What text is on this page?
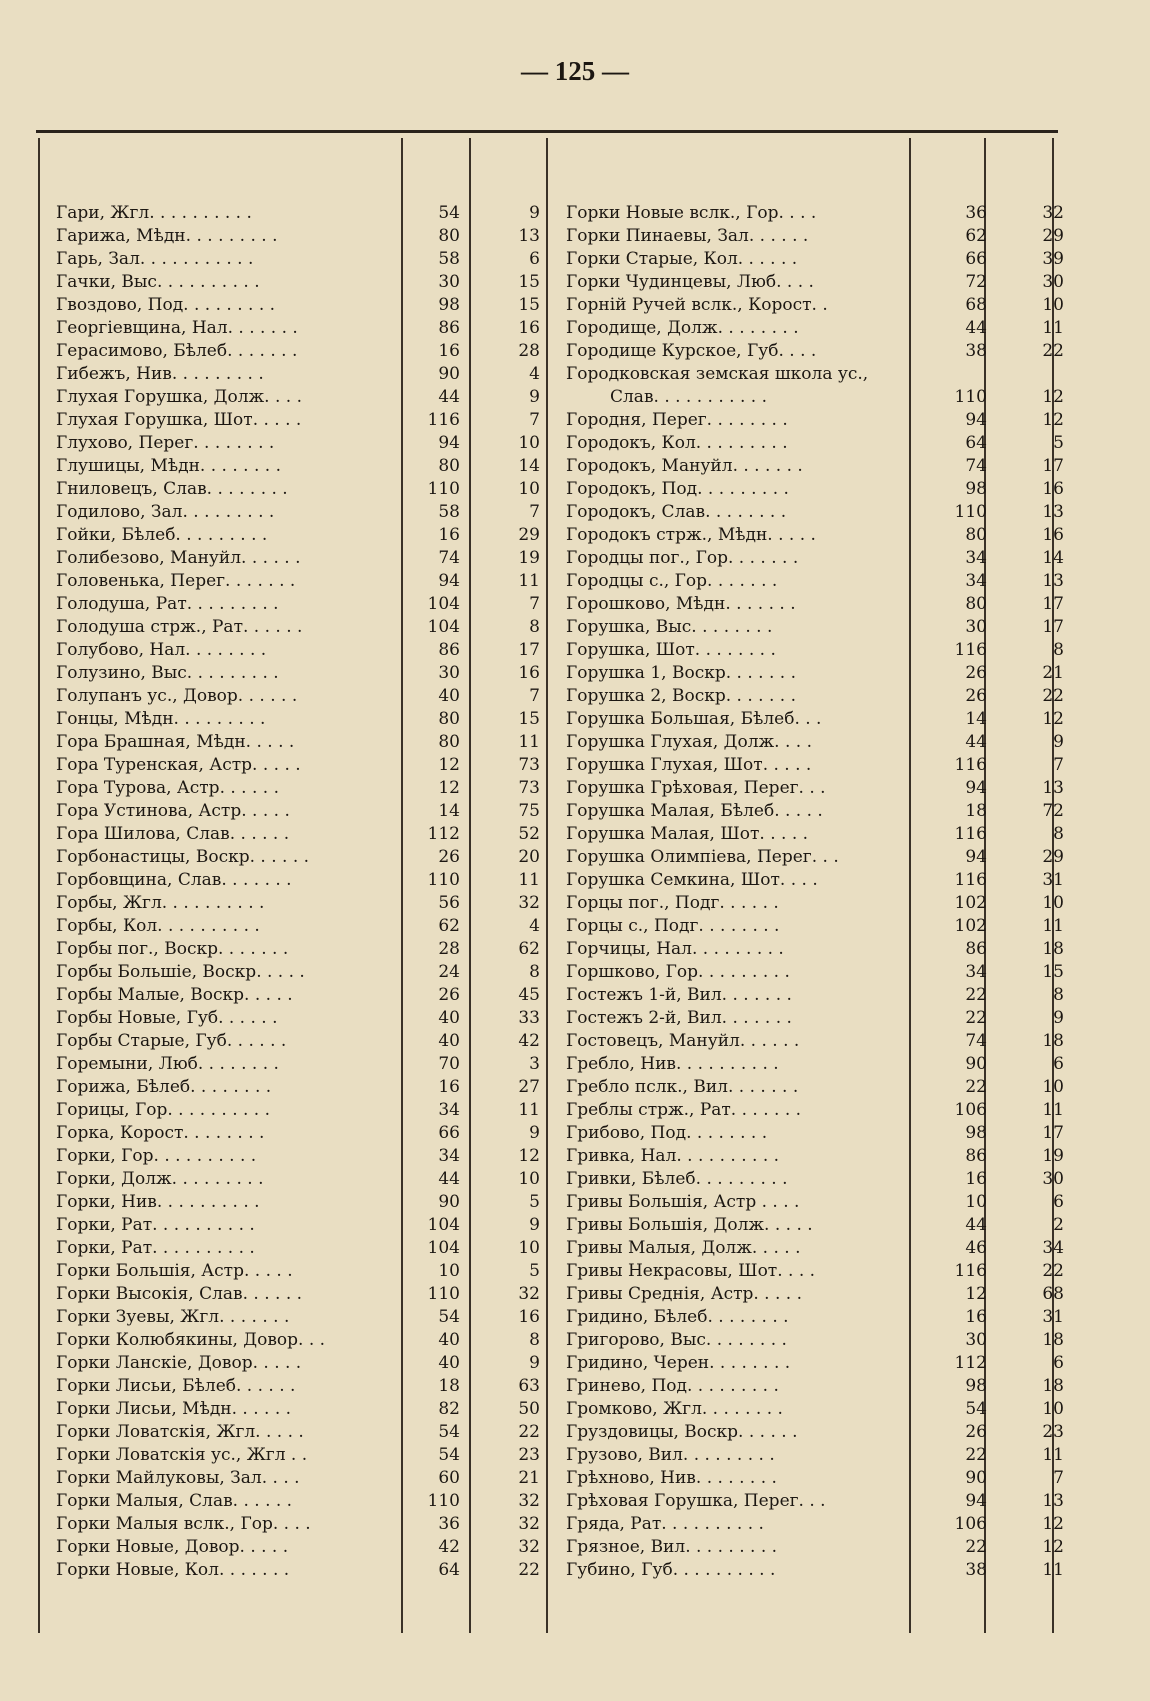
— 125 —
Гари, Жгл. . . . . . . . . .	54	9
Гарижа, Мѣдн. . . . . . . . .	80	13
Гарь, Зал. . . . . . . . . . .	58	6
Гачки, Выс. . . . . . . . . .	30	15
Гвоздово, Под. . . . . . . . .	98	15
Георгіевщина, Нал. . . . . . .	86	16
Герасимово, Бѣлеб. . . . . . .	16	28
Гибежъ, Нив. . . . . . . . .	90	4
Глухая Горушка, Долж. . . .	44	9
Глухая Горушка, Шот. . . . .	116	7
Глухово, Перег. . . . . . . .	94	10
Глушицы, Мѣдн. . . . . . . .	80	14
Гниловецъ, Слав. . . . . . . .	110	10
Годилово, Зал. . . . . . . . .	58	7
Гойки, Бѣлеб. . . . . . . . .	16	29
Голибезово, Мануйл. . . . . .	74	19
Головенька, Перег. . . . . . .	94	11
Голодуша, Рат. . . . . . . . .	104	7
Голодуша стрж., Рат. . . . . .	104	8
Голубово, Нал. . . . . . . .	86	17
Голузино, Выс. . . . . . . . .	30	16
Голупанъ ус., Довор. . . . . .	40	7
Гонцы, Мѣдн. . . . . . . . .	80	15
Гора Брашная, Мѣдн. . . . .	80	11
Гора Туренская, Астр. . . . .	12	73
Гора Турова, Астр. . . . . .	12	73
Гора Устинова, Астр. . . . .	14	75
Гора Шилова, Слав. . . . . .	112	52
Горбонастицы, Воскр. . . . . .	26	20
Горбовщина, Слав. . . . . . .	110	11
Горбы, Жгл. . . . . . . . . .	56	32
Горбы, Кол. . . . . . . . . .	62	4
Горбы пог., Воскр. . . . . . .	28	62
Горбы Большіе, Воскр. . . . .	24	8
Горбы Малые, Воскр. . . . .	26	45
Горбы Новые, Губ. . . . . .	40	33
Горбы Старые, Губ. . . . . .	40	42
Горемыни, Люб. . . . . . . .	70	3
Горижа, Бѣлеб. . . . . . . .	16	27
Горицы, Гор. . . . . . . . . .	34	11
Горка, Корост. . . . . . . .	66	9
Горки, Гор. . . . . . . . . .	34	12
Горки, Долж. . . . . . . . .	44	10
Горки, Нив. . . . . . . . . .	90	5
Горки, Рат. . . . . . . . . .	104	9
Горки, Рат. . . . . . . . . .	104	10
Горки Большія, Астр. . . . .	10	5
Горки Высокія, Слав. . . . . .	110	32
Горки Зуевы, Жгл. . . . . . .	54	16
Горки Колюбякины, Довор. . .	40	8
Горки Ланскіе, Довор. . . . .	40	9
Горки Лисьи, Бѣлеб. . . . . .	18	63
Горки Лисьи, Мѣдн. . . . . .	82	50
Горки Ловатскія, Жгл. . . . .	54	22
Горки Ловатскія ус., Жгл . .	54	23
Горки Майлуковы, Зал. . . .	60	21
Горки Малыя, Слав. . . . . .	110	32
Горки Малыя вслк., Гор. . . .	36	32
Горки Новые, Довор. . . . .	42	32
Горки Новые, Кол. . . . . . .	64	22
Горки Новые вслк., Гор. . . .	36	32
Горки Пинаевы, Зал. . . . . .	62	29
Горки Старые, Кол. . . . . .	66	39
Горки Чудинцевы, Люб. . . .	72	30
Горній Ручей вслк., Корост. .	68	10
Городище, Долж. . . . . . . .	44	11
Городище Курское, Губ. . . .	38	22
Городковская земская школа ус.,
Слав. . . . . . . . . . .	110	12
Городня, Перег. . . . . . . .	94	12
Городокъ, Кол. . . . . . . . .	64	5
Городокъ, Мануйл. . . . . . .	74	17
Городокъ, Под. . . . . . . . .	98	16
Городокъ, Слав. . . . . . . .	110	13
Городокъ стрж., Мѣдн. . . . .	80	16
Городцы пог., Гор. . . . . . .	34	14
Городцы с., Гор. . . . . . .	34	13
Горошково, Мѣдн. . . . . . .	80	17
Горушка, Выс. . . . . . . .	30	17
Горушка, Шот. . . . . . . .	116	8
Горушка 1, Воскр. . . . . . .	26	21
Горушка 2, Воскр. . . . . . .	26	22
Горушка Большая, Бѣлеб. . .	14	12
Горушка Глухая, Долж. . . .	44	9
Горушка Глухая, Шот. . . . .	116	7
Горушка Грѣховая, Перег. . .	94	13
Горушка Малая, Бѣлеб. . . . .	18	72
Горушка Малая, Шот. . . . .	116	8
Горушка Олимпіева, Перег. . .	94	29
Горушка Семкина, Шот. . . .	116	31
Горцы пог., Подг. . . . . .	102	10
Горцы с., Подг. . . . . . . .	102	11
Горчицы, Нал. . . . . . . . .	86	18
Горшково, Гор. . . . . . . . .	34	15
Гостежъ 1-й, Вил. . . . . . .	22	8
Гостежъ 2-й, Вил. . . . . . .	22	9
Гостовецъ, Мануйл. . . . . .	74	18
Гребло, Нив. . . . . . . . . .	90	6
Гребло пслк., Вил. . . . . . .	22	10
Греблы стрж., Рат. . . . . . .	106	11
Грибово, Под. . . . . . . .	98	17
Гривка, Нал. . . . . . . . . .	86	19
Гривки, Бѣлеб. . . . . . . . .	16	30
Гривы Большія, Астр . . . .	10	6
Гривы Большія, Долж. . . . .	44	2
Гривы Малыя, Долж. . . . .	46	34
Гривы Некрасовы, Шот. . . .	116	22
Гривы Среднія, Астр. . . . .	12	68
Гридино, Бѣлеб. . . . . . . .	16	31
Григорово, Выс. . . . . . . .	30	18
Гридино, Черен. . . . . . . .	112	6
Гринево, Под. . . . . . . . .	98	18
Громково, Жгл. . . . . . . .	54	10
Груздовицы, Воскр. . . . . .	26	23
Грузово, Вил. . . . . . . . .	22	11
Грѣхново, Нив. . . . . . . .	90	7
Грѣховая Горушка, Перег. . .	94	13
Гряда, Рат. . . . . . . . . .	106	12
Грязное, Вил. . . . . . . . .	22	12
Губино, Губ. . . . . . . . . .	38	11
